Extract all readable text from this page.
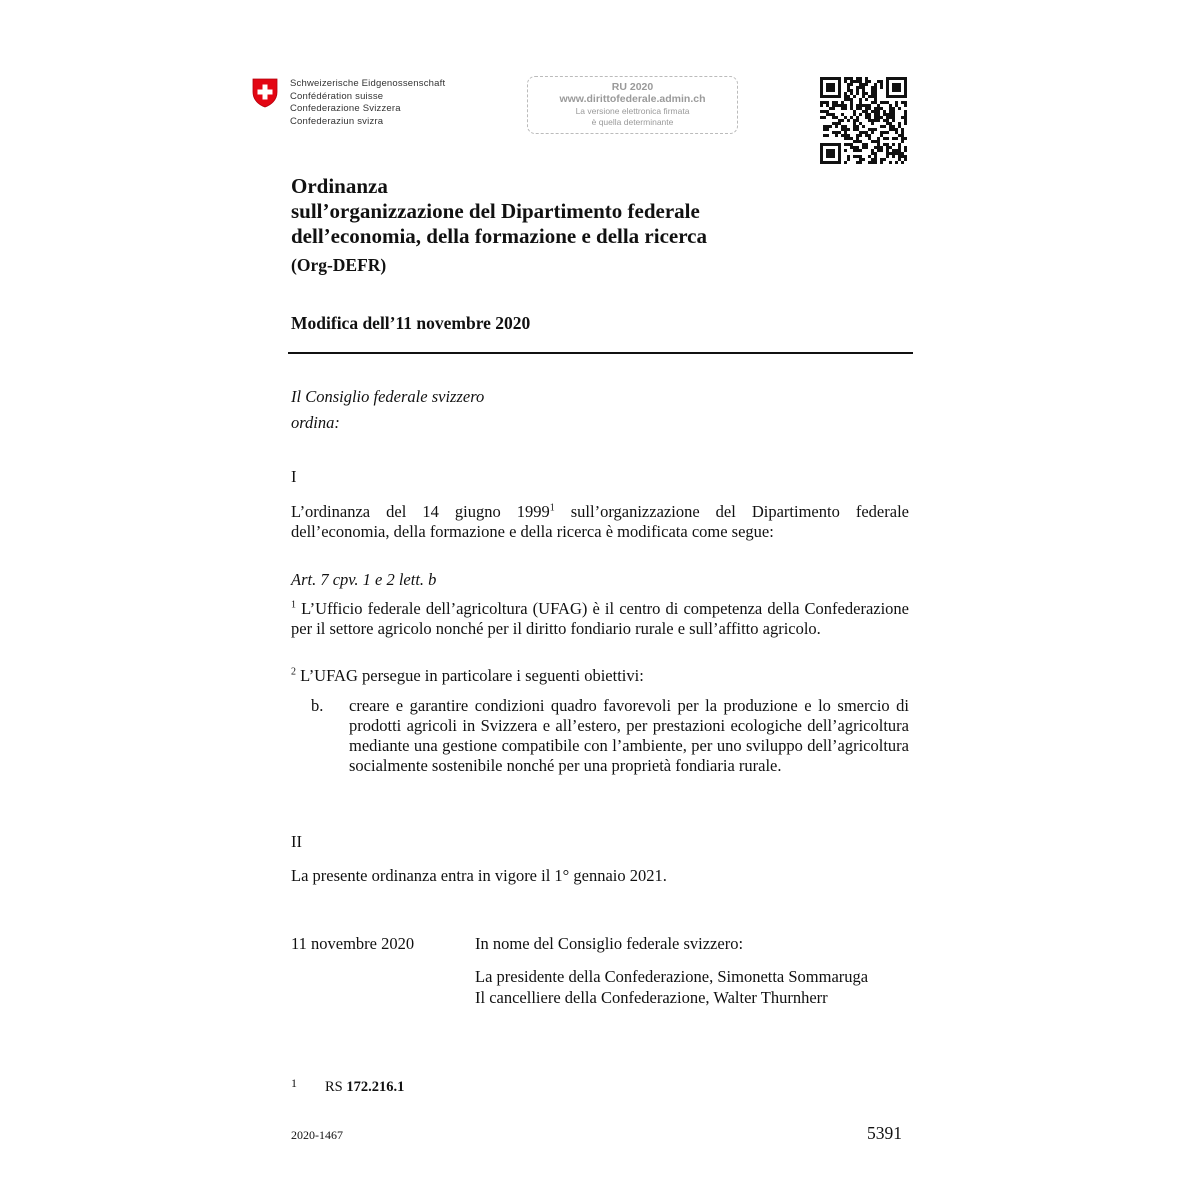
Schweizerische Eidgenossenschaft
Confédération suisse
Confederazione Svizzera
Confederaziun svizra
RU 2020
www.dirittofederale.admin.ch
La versione elettronica firmata
è quella determinante
Ordinanza
sull’organizzazione del Dipartimento federale
dell’economia, della formazione e della ricerca
(Org-DEFR)
Modifica dell’11 novembre 2020
Il Consiglio federale svizzero
ordina:
I
L’ordinanza del 14 giugno 1999$^1$ sull’organizzazione del Dipartimento federale dell’economia, della formazione e della ricerca è modificata come segue:
Art. 7 cpv. 1 e 2 lett. b
$^1$ L’Ufficio federale dell’agricoltura (UFAG) è il centro di competenza della Confederazione per il settore agricolo nonché per il diritto fondiario rurale e sull’affitto agricolo.
$^2$ L’UFAG persegue in particolare i seguenti obiettivi:
b. creare e garantire condizioni quadro favorevoli per la produzione e lo smercio di prodotti agricoli in Svizzera e all’estero, per prestazioni ecologiche dell’agricoltura mediante una gestione compatibile con l’ambiente, per uno sviluppo dell’agricoltura socialmente sostenibile nonché per una proprietà fondiaria rurale.
II
La presente ordinanza entra in vigore il 1° gennaio 2021.
11 novembre 2020	In nome del Consiglio federale svizzero:
La presidente della Confederazione, Simonetta Sommaruga
Il cancelliere della Confederazione, Walter Thurnherr
1 RS 172.216.1
2020-1467	5391
